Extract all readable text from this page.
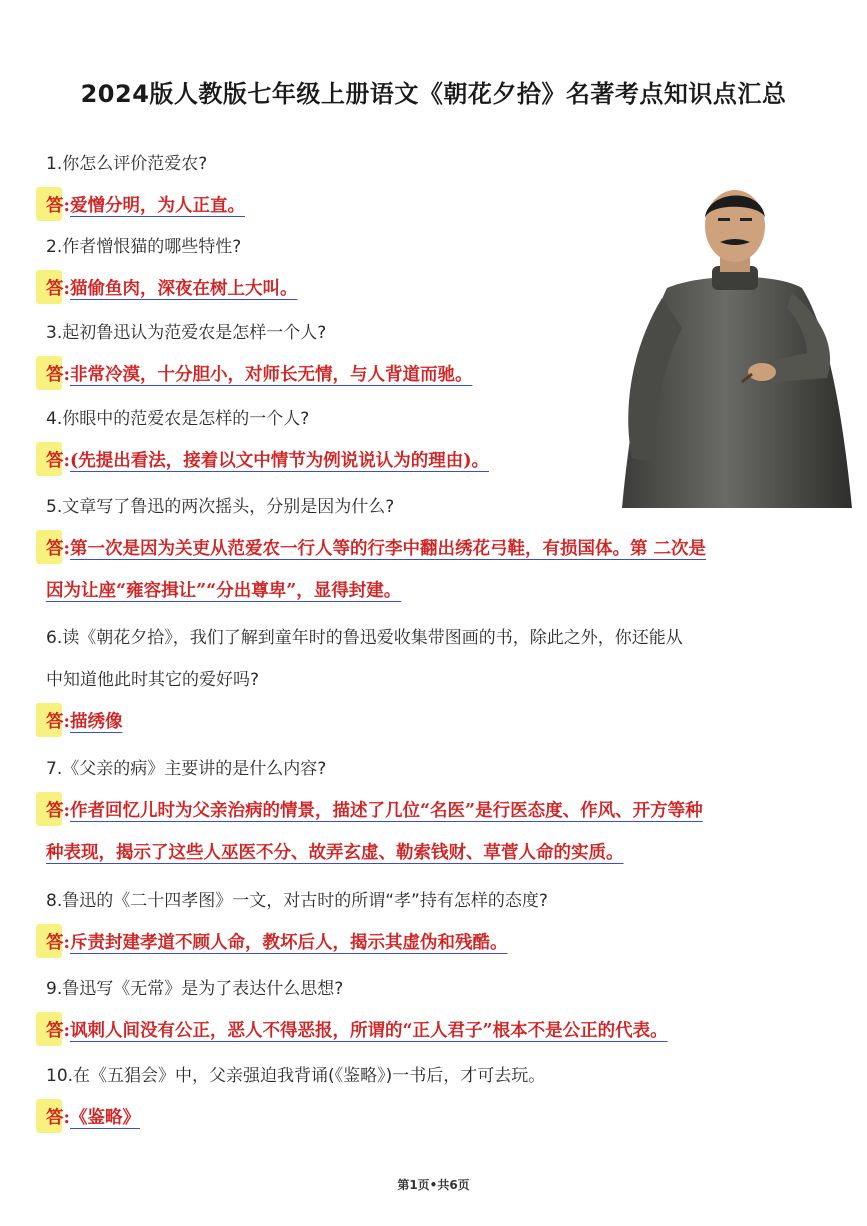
2024版人教版七年级上册语文《朝花夕拾》名著考点知识点汇总

1.你怎么评价范爱农?

答:爱憎分明，为人正直。

2.作者憎恨猫的哪些特性?

答:猫偷鱼肉，深夜在树上大叫。

3.起初鲁迅认为范爱农是怎样一个人?

答:非常冷漠，十分胆小，对师长无情，与人背道而驰。

4.你眼中的范爱农是怎样的一个人?

答:(先提出看法，接着以文中情节为例说说认为的理由)。

5.文章写了鲁迅的两次摇头，分别是因为什么?

答:第一次是因为关吏从范爱农一行人等的行李中翻出绣花弓鞋，有损国体。第 二次是

因为让座“雍容揖让”“分出尊卑”，显得封建。

6.读《朝花夕拾》，我们了解到童年时的鲁迅爱收集带图画的书，除此之外，你还能从

中知道他此时其它的爱好吗?

答:描绣像

7.《父亲的病》主要讲的是什么内容?

答:作者回忆儿时为父亲治病的情景，描述了几位“名医”是行医态度、作风、开方等种

种表现，揭示了这些人巫医不分、故弄玄虚、勒索钱财、草菅人命的实质。

8.鲁迅的《二十四孝图》一文，对古时的所谓“孝”持有怎样的态度?

答:斥责封建孝道不顾人命，教坏后人，揭示其虚伪和残酷。

9.鲁迅写《无常》是为了表达什么思想?

答:讽刺人间没有公正，恶人不得恶报，所谓的“正人君子”根本不是公正的代表。

10.在《五猖会》中，父亲强迫我背诵(《鉴略》)一书后，才可去玩。

答:《鉴略》

第1页•共6页
